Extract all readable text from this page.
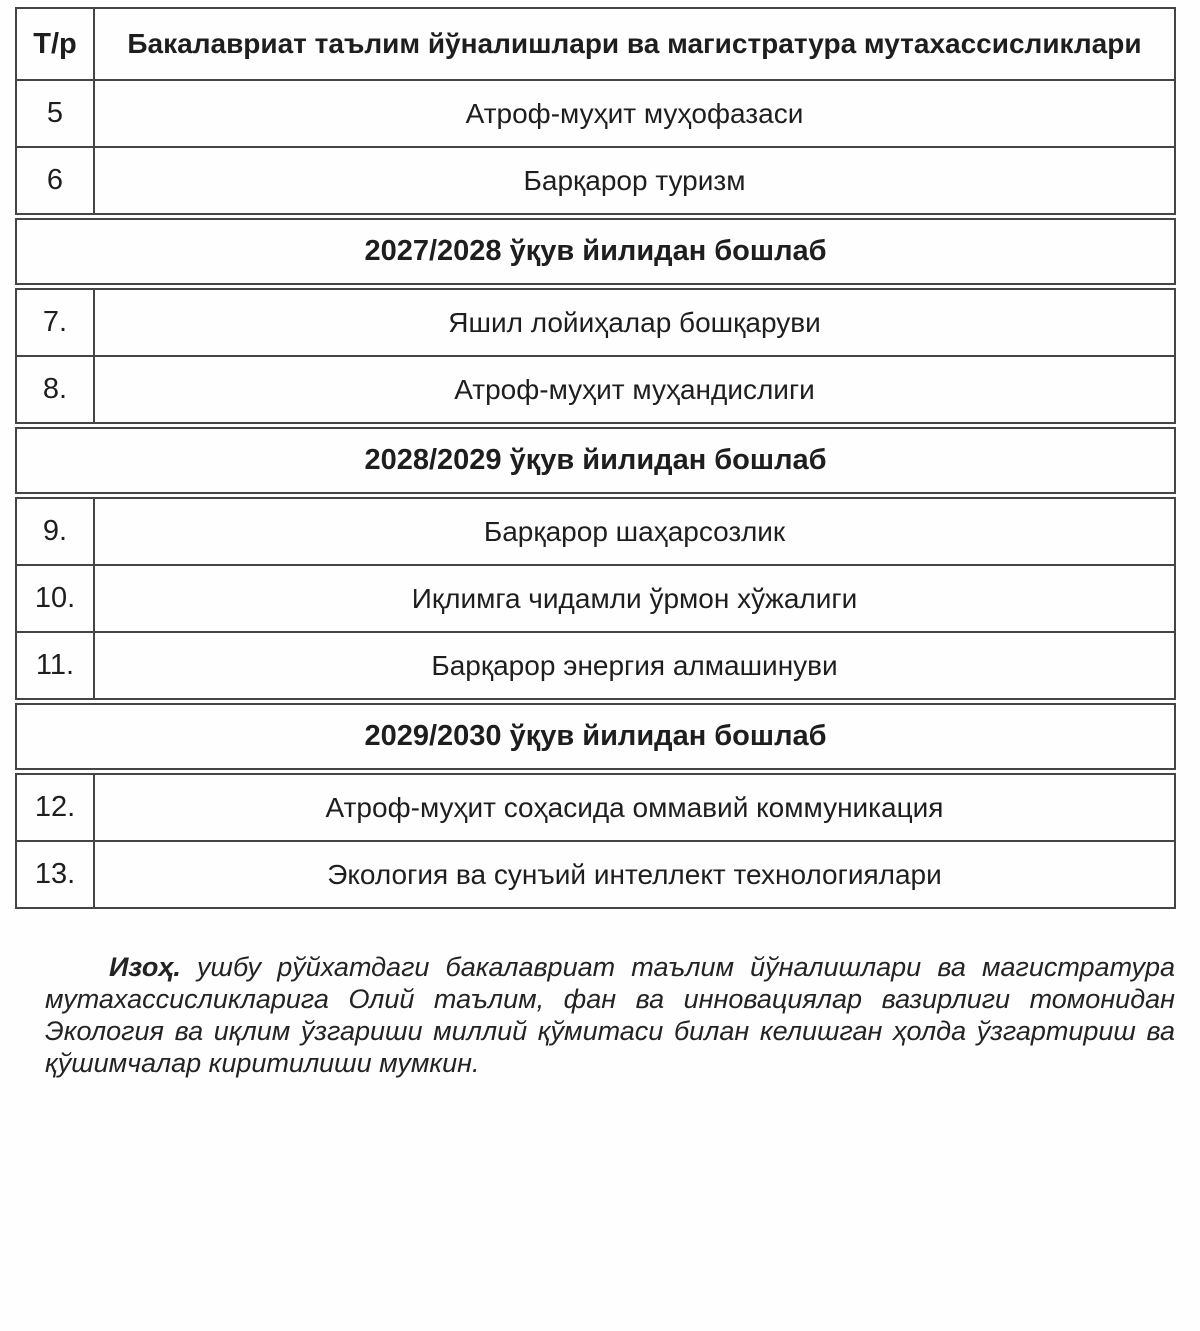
Т/р	Бакалавриат таълим йўналишлари ва магистратура мутахассисликлари
5	Атроф-муҳит муҳофазаси
6	Барқарор туризм
2027/2028 ўқув йилидан бошлаб
7.	Яшил лойиҳалар бошқаруви
8.	Атроф-муҳит муҳандислиги
2028/2029 ўқув йилидан бошлаб
9.	Барқарор шаҳарсозлик
10.	Иқлимга чидамли ўрмон хўжалиги
11.	Барқарор энергия алмашинуви
2029/2030 ўқув йилидан бошлаб
12.	Атроф-муҳит соҳасида оммавий коммуникация
13.	Экология ва сунъий интеллект технологиялари

Изоҳ. ушбу рўйхатдаги бакалавриат таълим йўналишлари ва магистратура мутахассисликларига Олий таълим, фан ва инновациялар вазирлиги томонидан Экология ва иқлим ўзгариши миллий қўмитаси билан келишган ҳолда ўзгартириш ва қўшимчалар киритилиши мумкин.
